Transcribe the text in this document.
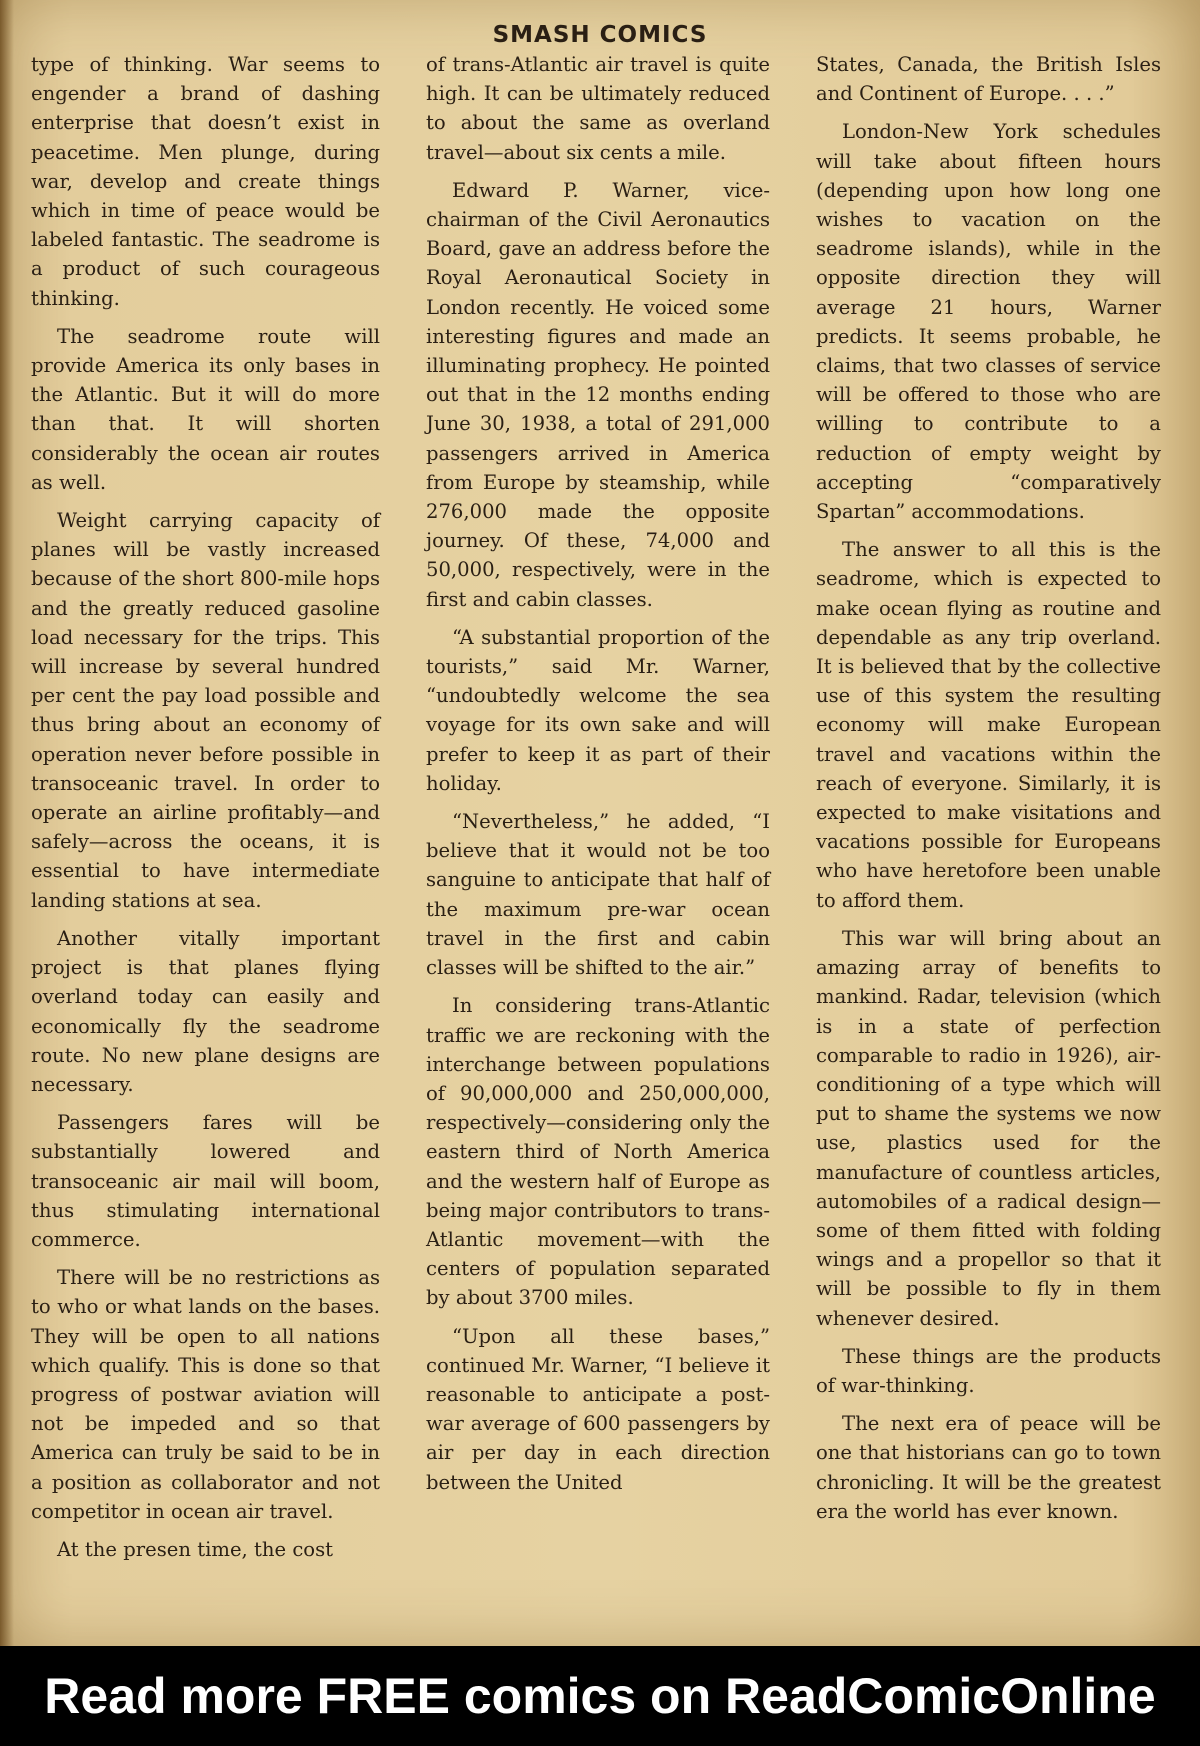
SMASH COMICS

type of thinking. War seems to engender a brand of dashing enterprise that doesn’t exist in peacetime. Men plunge, during war, develop and create things which in time of peace would be labeled fantastic. The seadrome is a product of such courageous thinking.

The seadrome route will provide America its only bases in the Atlantic. But it will do more than that. It will shorten considerably the ocean air routes as well.

Weight carrying capacity of planes will be vastly increased because of the short 800-mile hops and the greatly reduced gasoline load necessary for the trips. This will increase by several hundred per cent the pay load possible and thus bring about an economy of operation never before possible in transoceanic travel. In order to operate an airline profitably—and safely—across the oceans, it is essential to have intermediate landing stations at sea.

Another vitally important project is that planes flying overland today can easily and economically fly the seadrome route. No new plane designs are necessary.

Passengers fares will be substantially lowered and transoceanic air mail will boom, thus stimulating international commerce.

There will be no restrictions as to who or what lands on the bases. They will be open to all nations which qualify. This is done so that progress of postwar aviation will not be impeded and so that America can truly be said to be in a position as collaborator and not competitor in ocean air travel.

At the presen time, the cost

of trans-Atlantic air travel is quite high. It can be ultimately reduced to about the same as overland travel—about six cents a mile.

Edward P. Warner, vice-chairman of the Civil Aeronautics Board, gave an address before the Royal Aeronautical Society in London recently. He voiced some interesting figures and made an illuminating prophecy. He pointed out that in the 12 months ending June 30, 1938, a total of 291,000 passengers arrived in America from Europe by steamship, while 276,000 made the opposite journey. Of these, 74,000 and 50,000, respectively, were in the first and cabin classes.

“A substantial proportion of the tourists,” said Mr. Warner, “undoubtedly welcome the sea voyage for its own sake and will prefer to keep it as part of their holiday.

“Nevertheless,” he added, “I believe that it would not be too sanguine to anticipate that half of the maximum pre-war ocean travel in the first and cabin classes will be shifted to the air.”

In considering trans-Atlantic traffic we are reckoning with the interchange between populations of 90,000,000 and 250,000,000, respectively—considering only the eastern third of North America and the western half of Europe as being major contributors to trans-Atlantic movement—with the centers of population separated by about 3700 miles.

“Upon all these bases,” continued Mr. Warner, “I believe it reasonable to anticipate a post-war average of 600 passengers by air per day in each direction between the United

States, Canada, the British Isles and Continent of Europe. . . .”

London-New York schedules will take about fifteen hours (depending upon how long one wishes to vacation on the seadrome islands), while in the opposite direction they will average 21 hours, Warner predicts. It seems probable, he claims, that two classes of service will be offered to those who are willing to contribute to a reduction of empty weight by accepting “comparatively Spartan” accommodations.

The answer to all this is the seadrome, which is expected to make ocean flying as routine and dependable as any trip overland. It is believed that by the collective use of this system the resulting economy will make European travel and vacations within the reach of everyone. Similarly, it is expected to make visitations and vacations possible for Europeans who have heretofore been unable to afford them.

This war will bring about an amazing array of benefits to mankind. Radar, television (which is in a state of perfection comparable to radio in 1926), air-conditioning of a type which will put to shame the systems we now use, plastics used for the manufacture of countless articles, automobiles of a radical design—some of them fitted with folding wings and a propellor so that it will be possible to fly in them whenever desired.

These things are the products of war-thinking.

The next era of peace will be one that historians can go to town chronicling. It will be the greatest era the world has ever known.

Read more FREE comics on ReadComicOnline
